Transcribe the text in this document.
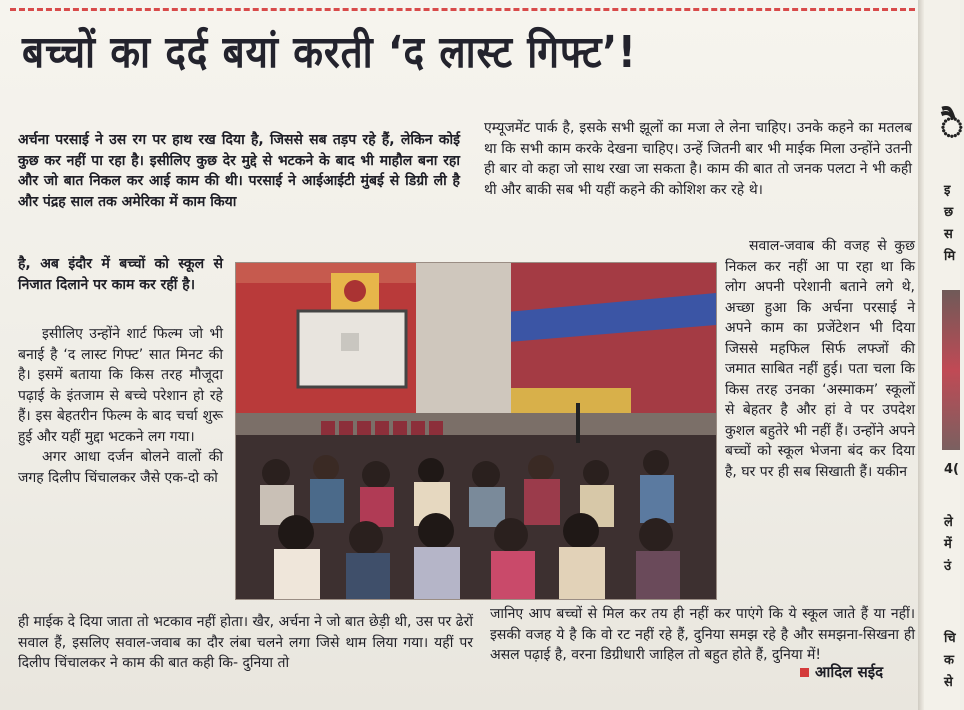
बच्चों का दर्द बयां करती ‘द लास्ट गिफ्ट’!

अर्चना परसाई ने उस रग पर हाथ रख दिया है, जिससे सब तड़प रहे हैं, लेकिन कोई कुछ कर नहीं पा रहा है। इसीलिए कुछ देर मुद्दे से भटकने के बाद भी माहौल बना रहा और जो बात निकल कर आई काम की थी। परसाई ने आईआईटी मुंबई से डिग्री ली है और पंद्रह साल तक अमेरिका में काम किया

है, अब इंदौर में बच्चों को स्कूल से निजात दिलाने पर काम कर रहीं है।

इसीलिए उन्होंने शार्ट फिल्म जो भी बनाई है ‘द लास्ट गिफ्ट’ सात मिनट की है। इसमें बताया कि किस तरह मौजूदा पढ़ाई के इंतजाम से बच्चे परेशान हो रहे हैं। इस बेहतरीन फिल्म के बाद चर्चा शुरू हुई और यहीं मुद्दा भटकने लग गया।

अगर आधा दर्जन बोलने वालों की जगह दिलीप चिंचालकर जैसे एक-दो को

ही माईक दे दिया जाता तो भटकाव नहीं होता। खैर, अर्चना ने जो बात छेड़ी थी, उस पर ढेरों सवाल हैं, इसलिए सवाल-जवाब का दौर लंबा चलने लगा जिसे थाम लिया गया। यहीं पर दिलीप चिंचालकर ने काम की बात कही कि- दुनिया तो

एम्यूजमेंट पार्क है, इसके सभी झूलों का मजा ले लेना चाहिए। उनके कहने का मतलब था कि सभी काम करके देखना चाहिए। उन्हें जितनी बार भी माईक मिला उन्होंने उतनी ही बार वो कहा जो साथ रखा जा सकता है। काम की बात तो जनक पलटा ने भी कही थी और बाकी सब भी यहीं कहने की कोशिश कर रहे थे।

सवाल-जवाब की वजह से कुछ निकल कर नहीं आ पा रहा था कि लोग अपनी परेशानी बताने लगे थे, अच्छा हुआ कि अर्चना परसाई ने अपने काम का प्रजेंटेशन भी दिया जिससे महफिल सिर्फ लफ्जों की जमात साबित नहीं हुई। पता चला कि किस तरह उनका ‘अस्माकम’ स्कूलों से बेहतर है और हां वे पर उपदेश कुशल बहुतेरे भी नहीं हैं। उन्होंने अपने बच्चों को स्कूल भेजना बंद कर दिया है, घर पर ही सब सिखाती हैं। यकीन

जानिए आप बच्चों से मिल कर तय ही नहीं कर पाएंगे कि ये स्कूल जाते हैं या नहीं। इसकी वजह ये है कि वो रट नहीं रहे हैं, दुनिया समझ रहे है और समझना-सिखना ही असल पढ़ाई है, वरना डिग्रीधारी जाहिल तो बहुत होते हैं, दुनिया में!

आदिल सईद
ै
इ
छ
स
मि
4(
ले
में
उं
चि
क
से
